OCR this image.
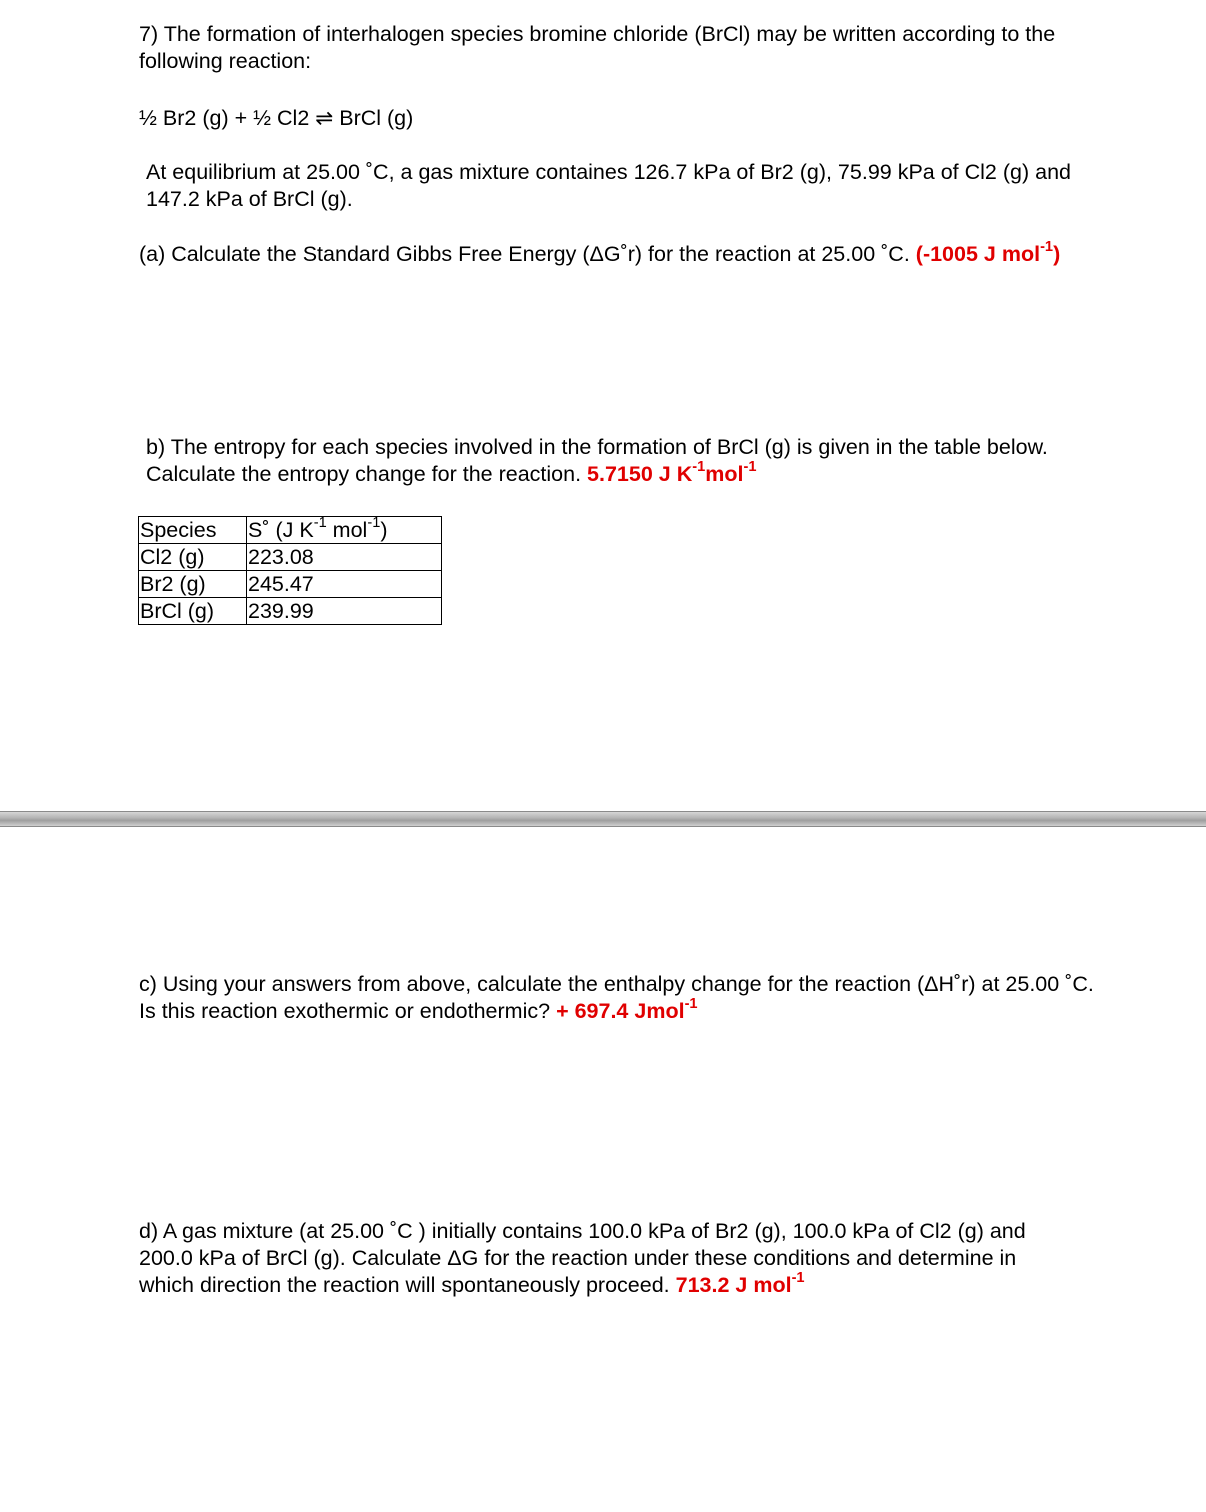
7) The formation of interhalogen species bromine chloride (BrCl) may be written according to the following reaction:

½ Br2 (g) + ½ Cl2 ⇌ BrCl (g)

At equilibrium at 25.00 ˚C, a gas mixture containes 126.7 kPa of Br2 (g), 75.99 kPa of Cl2 (g) and 147.2 kPa of BrCl (g).

(a) Calculate the Standard Gibbs Free Energy (ΔG˚r) for the reaction at 25.00 ˚C. (-1005 J mol$^{-1}$)

b) The entropy for each species involved in the formation of BrCl (g) is given in the table below. Calculate the entropy change for the reaction. 5.7150 J $K^{-1}mol^{-1}$

Species	S˚ (J $K^{-1}$ mol$^{-1}$)
Cl2 (g)	223.08
Br2 (g)	245.47
BrCl (g)	239.99

c) Using your answers from above, calculate the enthalpy change for the reaction (ΔH˚r) at 25.00 ˚C. Is this reaction exothermic or endothermic? + 697.4 Jmol$^{-1}$

d) A gas mixture (at 25.00 ˚C ) initially contains 100.0 kPa of Br2 (g), 100.0 kPa of Cl2 (g) and 200.0 kPa of BrCl (g). Calculate ΔG for the reaction under these conditions and determine in which direction the reaction will spontaneously proceed. 713.2 J mol$^{-1}$
